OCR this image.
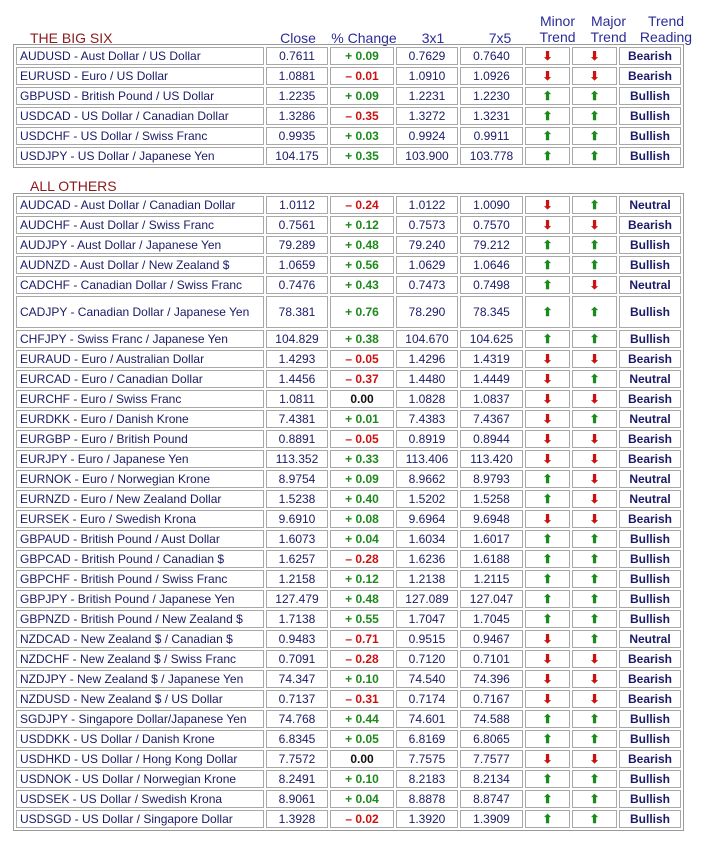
THE BIG SIX	Close	% Change	3x1	7x5
Minor
Trend
Major
Trend
Trend
Reading
AUDUSD - Aust Dollar / US Dollar	0.7611	+ 0.09	0.7629	0.7640	⬇	⬇	Bearish
EURUSD - Euro / US Dollar	1.0881	– 0.01	1.0910	1.0926	⬇	⬇	Bearish
GBPUSD - British Pound / US Dollar	1.2235	+ 0.09	1.2231	1.2230	⬆	⬆	Bullish
USDCAD - US Dollar / Canadian Dollar	1.3286	– 0.35	1.3272	1.3231	⬆	⬆	Bullish
USDCHF - US Dollar / Swiss Franc	0.9935	+ 0.03	0.9924	0.9911	⬆	⬆	Bullish
USDJPY - US Dollar / Japanese Yen	104.175	+ 0.35	103.900	103.778	⬆	⬆	Bullish
ALL OTHERS
AUDCAD - Aust Dollar / Canadian Dollar	1.0112	– 0.24	1.0122	1.0090	⬇	⬆	Neutral
AUDCHF - Aust Dollar / Swiss Franc	0.7561	+ 0.12	0.7573	0.7570	⬇	⬇	Bearish
AUDJPY - Aust Dollar / Japanese Yen	79.289	+ 0.48	79.240	79.212	⬆	⬆	Bullish
AUDNZD - Aust Dollar / New Zealand $	1.0659	+ 0.56	1.0629	1.0646	⬆	⬆	Bullish
CADCHF - Canadian Dollar / Swiss Franc	0.7476	+ 0.43	0.7473	0.7498	⬆	⬇	Neutral
CADJPY - Canadian Dollar / Japanese Yen	78.381	+ 0.76	78.290	78.345	⬆	⬆	Bullish
CHFJPY - Swiss Franc / Japanese Yen	104.829	+ 0.38	104.670	104.625	⬆	⬆	Bullish
EURAUD - Euro / Australian Dollar	1.4293	– 0.05	1.4296	1.4319	⬇	⬇	Bearish
EURCAD - Euro / Canadian Dollar	1.4456	– 0.37	1.4480	1.4449	⬇	⬆	Neutral
EURCHF - Euro / Swiss Franc	1.0811	0.00	1.0828	1.0837	⬇	⬇	Bearish
EURDKK - Euro / Danish Krone	7.4381	+ 0.01	7.4383	7.4367	⬇	⬆	Neutral
EURGBP - Euro / British Pound	0.8891	– 0.05	0.8919	0.8944	⬇	⬇	Bearish
EURJPY - Euro / Japanese Yen	113.352	+ 0.33	113.406	113.420	⬇	⬇	Bearish
EURNOK - Euro / Norwegian Krone	8.9754	+ 0.09	8.9662	8.9793	⬆	⬇	Neutral
EURNZD - Euro / New Zealand Dollar	1.5238	+ 0.40	1.5202	1.5258	⬆	⬇	Neutral
EURSEK - Euro / Swedish Krona	9.6910	+ 0.08	9.6964	9.6948	⬇	⬇	Bearish
GBPAUD - British Pound / Aust Dollar	1.6073	+ 0.04	1.6034	1.6017	⬆	⬆	Bullish
GBPCAD - British Pound / Canadian $	1.6257	– 0.28	1.6236	1.6188	⬆	⬆	Bullish
GBPCHF - British Pound / Swiss Franc	1.2158	+ 0.12	1.2138	1.2115	⬆	⬆	Bullish
GBPJPY - British Pound / Japanese Yen	127.479	+ 0.48	127.089	127.047	⬆	⬆	Bullish
GBPNZD - British Pound / New Zealand $	1.7138	+ 0.55	1.7047	1.7045	⬆	⬆	Bullish
NZDCAD - New Zealand $ / Canadian $	0.9483	– 0.71	0.9515	0.9467	⬇	⬆	Neutral
NZDCHF - New Zealand $ / Swiss Franc	0.7091	– 0.28	0.7120	0.7101	⬇	⬇	Bearish
NZDJPY - New Zealand $ / Japanese Yen	74.347	+ 0.10	74.540	74.396	⬇	⬇	Bearish
NZDUSD - New Zealand $ / US Dollar	0.7137	– 0.31	0.7174	0.7167	⬇	⬇	Bearish
SGDJPY - Singapore Dollar/Japanese Yen	74.768	+ 0.44	74.601	74.588	⬆	⬆	Bullish
USDDKK - US Dollar / Danish Krone	6.8345	+ 0.05	6.8169	6.8065	⬆	⬆	Bullish
USDHKD - US Dollar / Hong Kong Dollar	7.7572	0.00	7.7575	7.7577	⬇	⬇	Bearish
USDNOK - US Dollar / Norwegian Krone	8.2491	+ 0.10	8.2183	8.2134	⬆	⬆	Bullish
USDSEK - US Dollar / Swedish Krona	8.9061	+ 0.04	8.8878	8.8747	⬆	⬆	Bullish
USDSGD - US Dollar / Singapore Dollar	1.3928	– 0.02	1.3920	1.3909	⬆	⬆	Bullish
